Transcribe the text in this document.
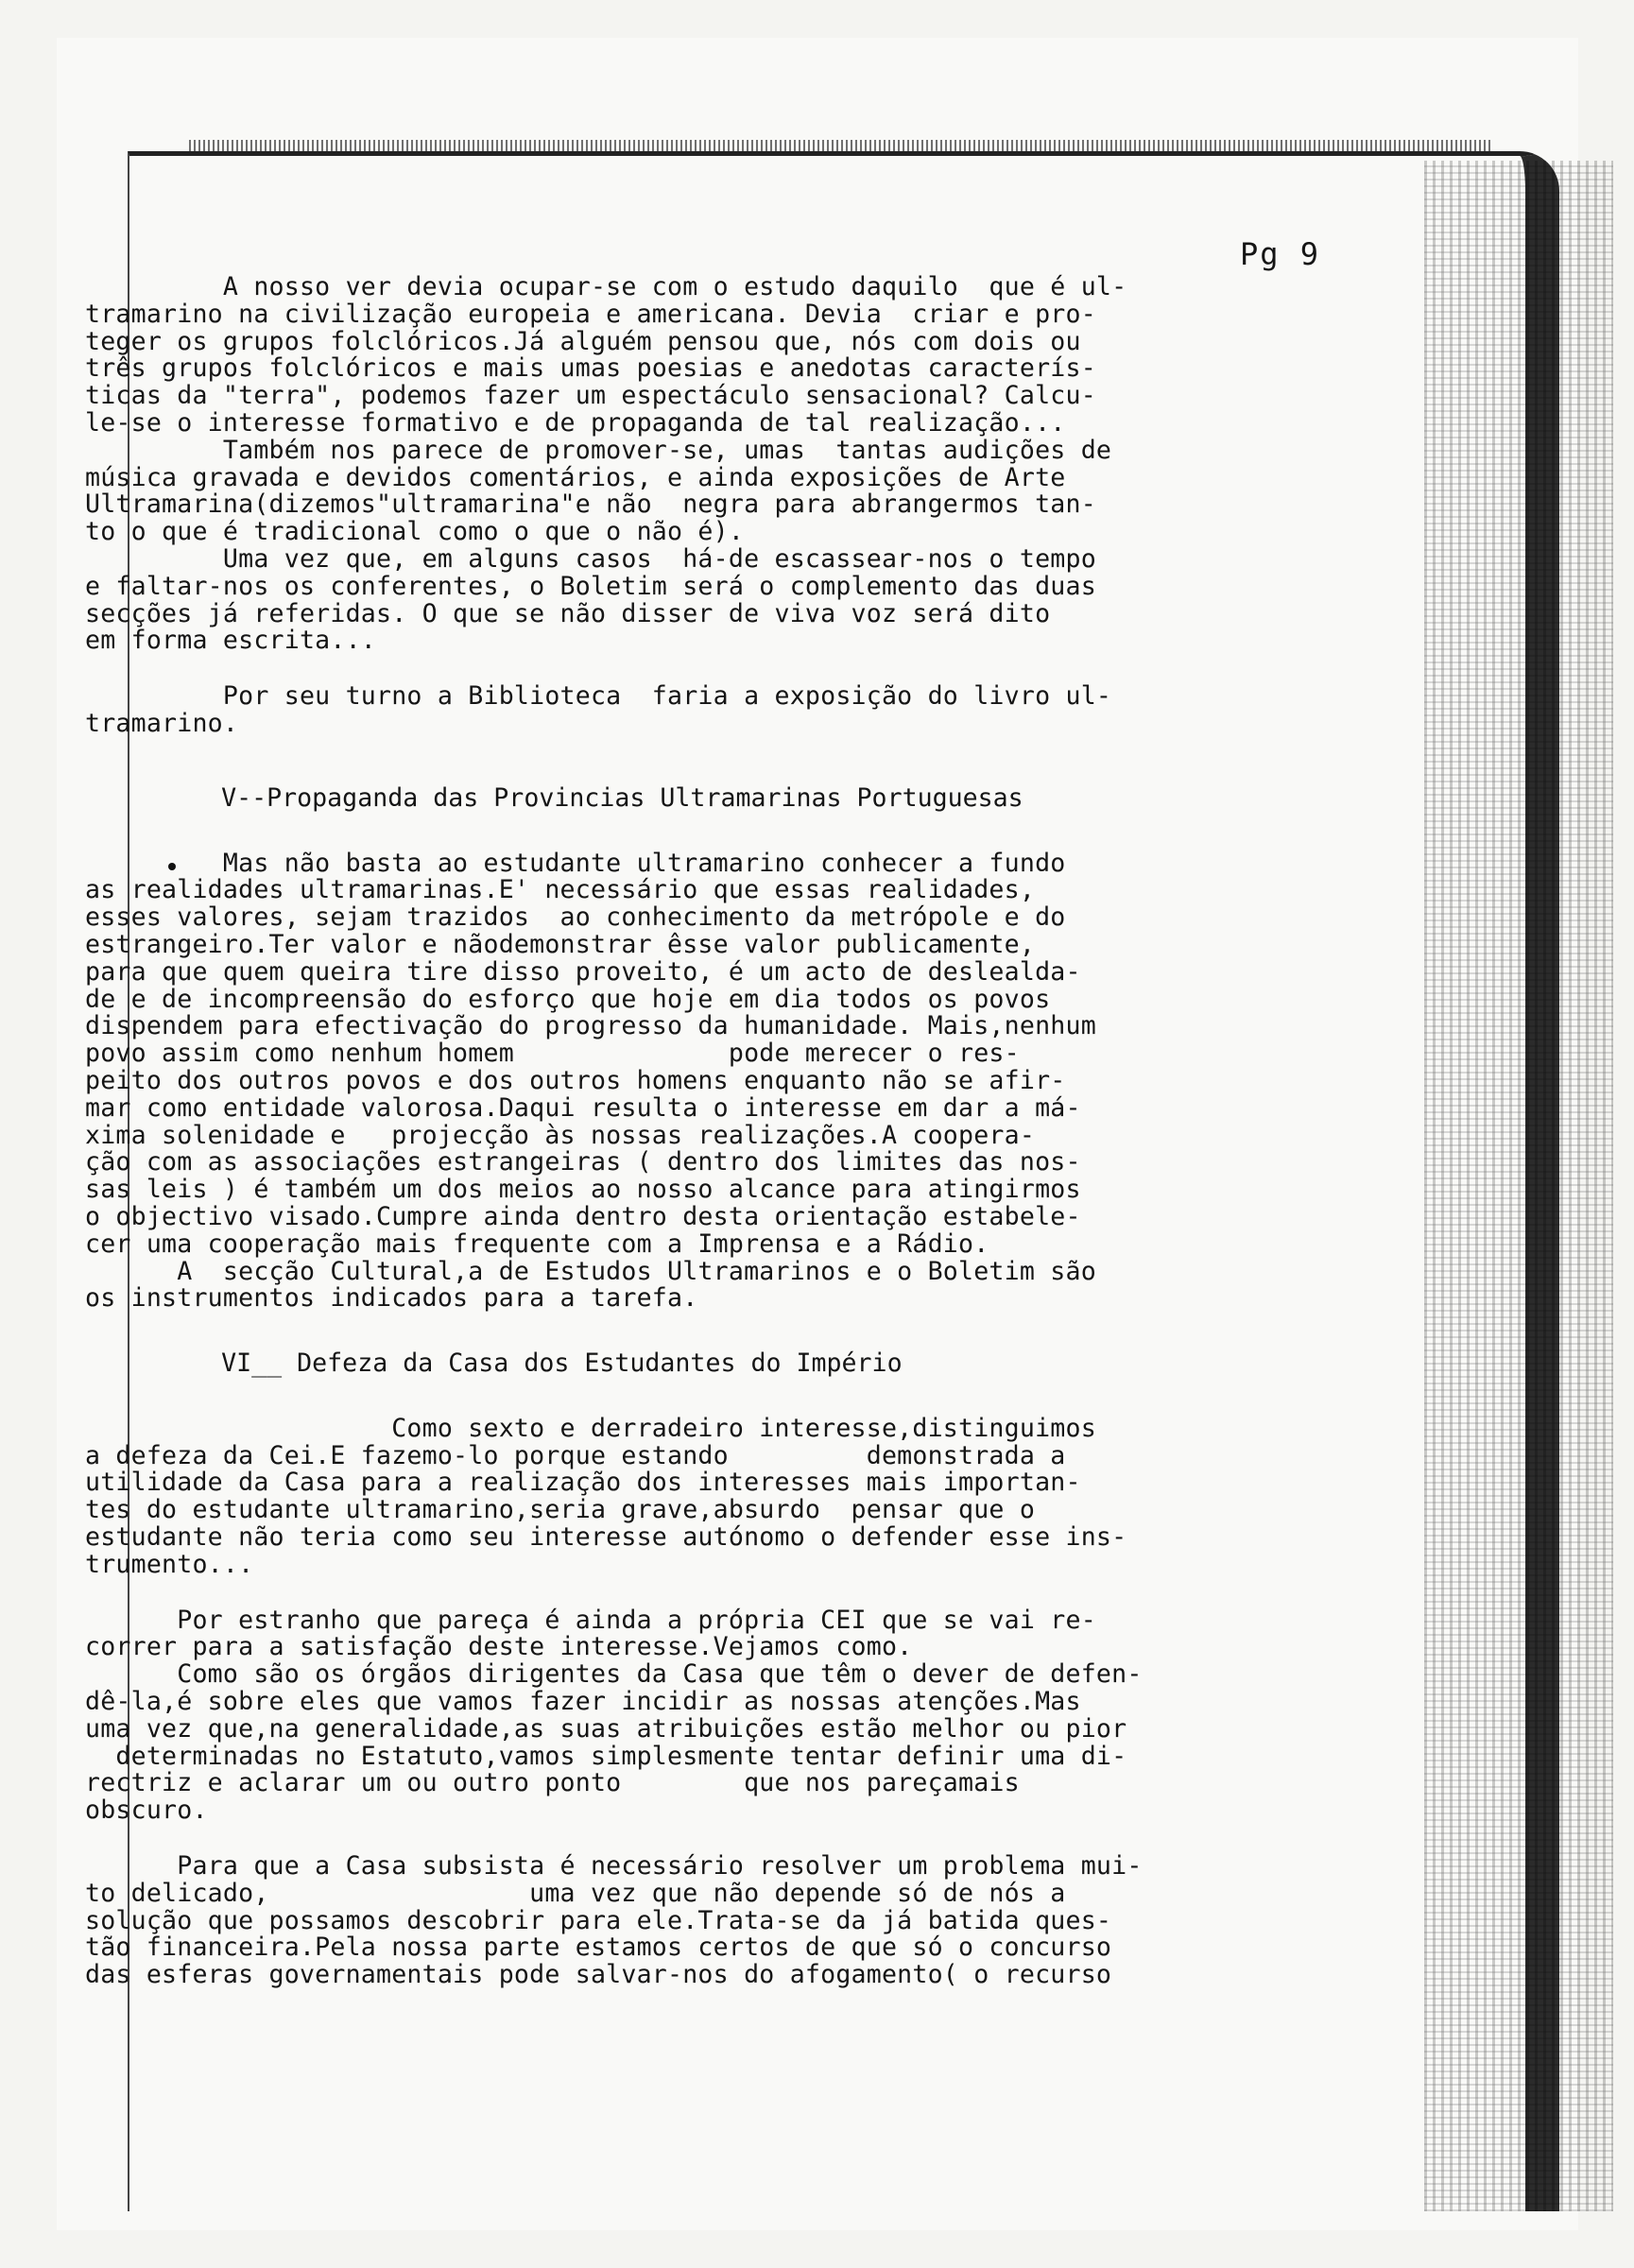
Pg 9

A nosso ver devia ocupar-se com o estudo daquilo  que é ul-

tramarino na civilização europeia e americana. Devia  criar e pro-

teger os grupos folclóricos.Já alguém pensou que, nós com dois ou

três grupos folclóricos e mais umas poesias e anedotas caracterís-

ticas da "terra", podemos fazer um espectáculo sensacional? Calcu-

le-se o interesse formativo e de propaganda de tal realização...

Também nos parece de promover-se, umas  tantas audições de

música gravada e devidos comentários, e ainda exposições de Arte

Ultramarina(dizemos"ultramarina"e não  negra para abrangermos tan-

to o que é tradicional como o que o não é).

Uma vez que, em alguns casos  há-de escassear-nos o tempo

e faltar-nos os conferentes, o Boletim será o complemento das duas

secções já referidas. O que se não disser de viva voz será dito

em forma escrita...

Por seu turno a Biblioteca  faria a exposição do livro ul-

tramarino.

V--Propaganda das Provincias Ultramarinas Portuguesas

Mas não basta ao estudante ultramarino conhecer a fundo

as realidades ultramarinas.E' necessário que essas realidades,

esses valores, sejam trazidos  ao conhecimento da metrópole e do

estrangeiro.Ter valor e nãodemonstrar êsse valor publicamente,

para que quem queira tire disso proveito, é um acto de deslealda-

de e de incompreensão do esforço que hoje em dia todos os povos

dispendem para efectivação do progresso da humanidade. Mais,nenhum

povo assim como nenhum homem              pode merecer o res-

peito dos outros povos e dos outros homens enquanto não se afir-

mar como entidade valorosa.Daqui resulta o interesse em dar a má-

xima solenidade e   projecção às nossas realizações.A coopera-

ção com as associações estrangeiras ( dentro dos limites das nos-

sas leis ) é também um dos meios ao nosso alcance para atingirmos

o objectivo visado.Cumpre ainda dentro desta orientação estabele-

cer uma cooperação mais frequente com a Imprensa e a Rádio.

A  secção Cultural,a de Estudos Ultramarinos e o Boletim são

os instrumentos indicados para a tarefa.

VI__ Defeza da Casa dos Estudantes do Império

Como sexto e derradeiro interesse,distinguimos

a defeza da Cei.E fazemo-lo porque estando         demonstrada a

utilidade da Casa para a realização dos interesses mais importan-

tes do estudante ultramarino,seria grave,absurdo  pensar que o

estudante não teria como seu interesse autónomo o defender esse ins-

trumento...

Por estranho que pareça é ainda a própria CEI que se vai re-

correr para a satisfação deste interesse.Vejamos como.

Como são os órgãos dirigentes da Casa que têm o dever de defen-

dê-la,é sobre eles que vamos fazer incidir as nossas atenções.Mas

uma vez que,na generalidade,as suas atribuições estão melhor ou pior

determinadas no Estatuto,vamos simplesmente tentar definir uma di-

rectriz e aclarar um ou outro ponto        que nos pareçamais

obscuro.

Para que a Casa subsista é necessário resolver um problema mui-

to delicado,                 uma vez que não depende só de nós a

solução que possamos descobrir para ele.Trata-se da já batida ques-

tão financeira.Pela nossa parte estamos certos de que só o concurso

das esferas governamentais pode salvar-nos do afogamento( o recurso
